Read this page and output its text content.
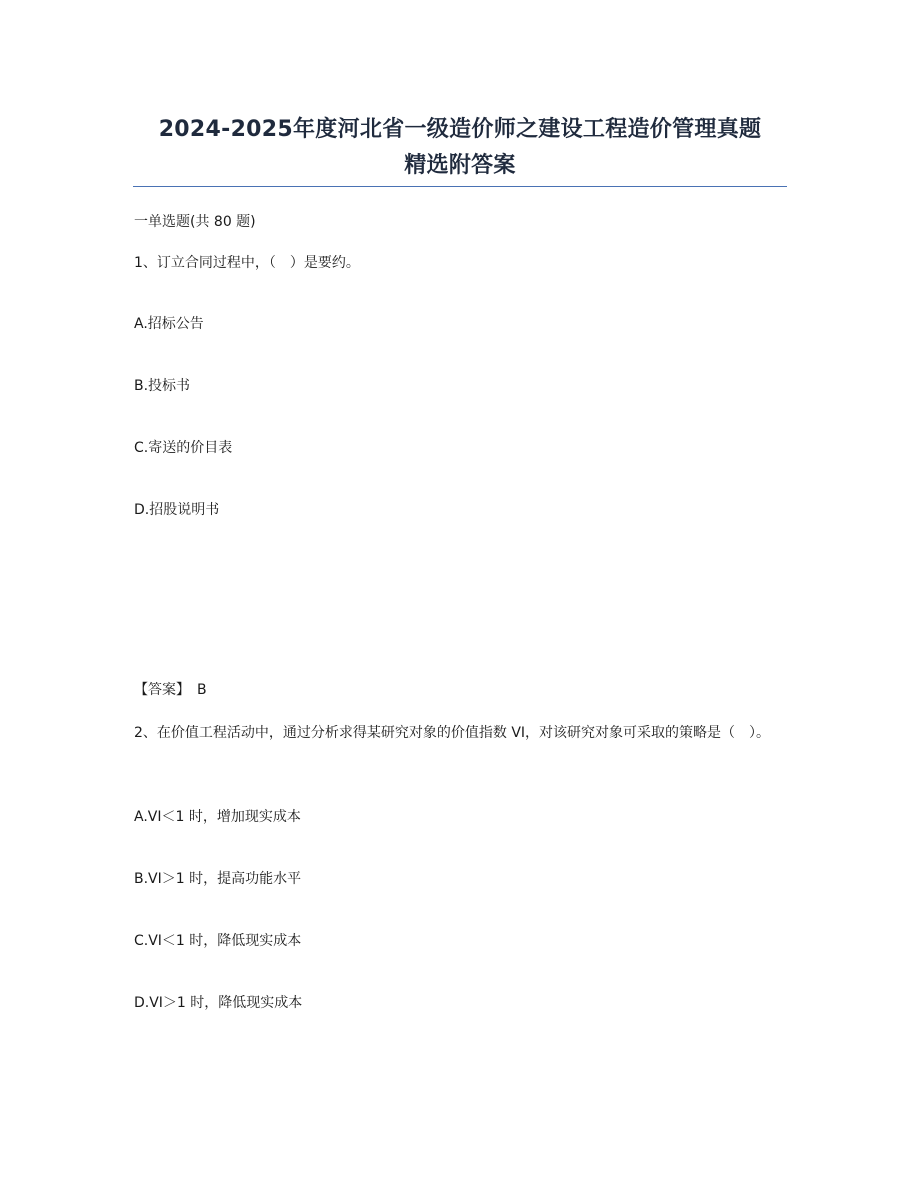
2024-2025年度河北省一级造价师之建设工程造价管理真题
精选附答案
一单选题(共 80 题)
1、订立合同过程中，（　）是要约。
A.招标公告
B.投标书
C.寄送的价目表
D.招股说明书
【答案】　B
2、在价值工程活动中，通过分析求得某研究对象的价值指数 VI，对该研究对象可采取的策略是（　）。
A.VI＜1 时，增加现实成本
B.VI＞1 时，提高功能水平
C.VI＜1 时，降低现实成本
D.VI＞1 时，降低现实成本
